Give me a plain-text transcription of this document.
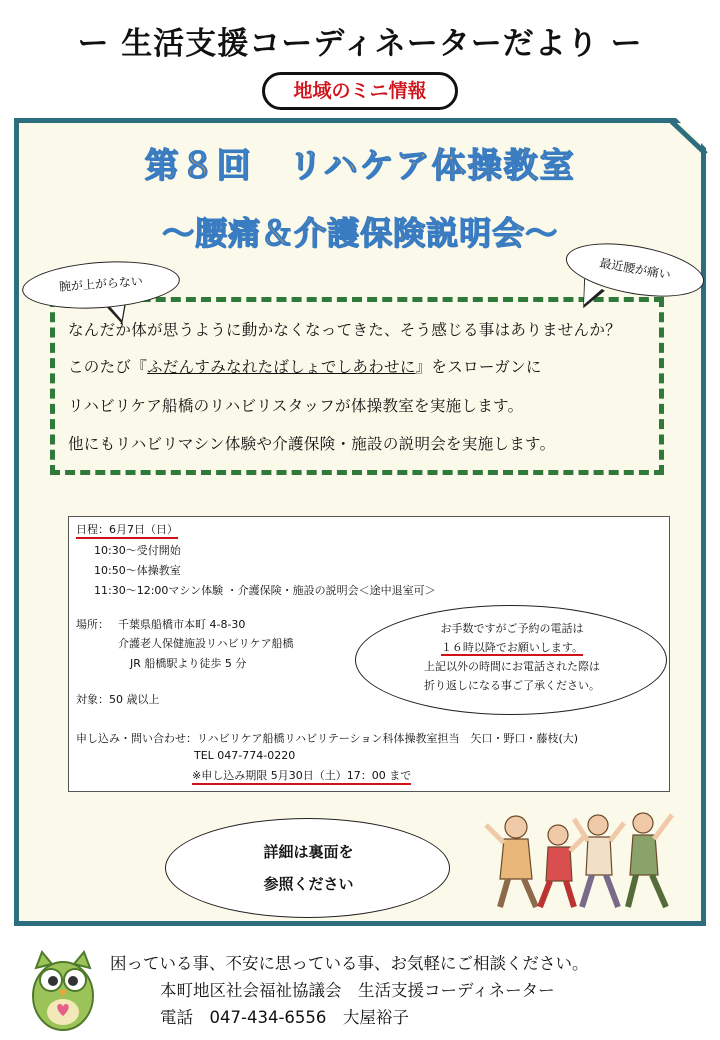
ー 生活支援コーディネーターだより ー
地域のミニ情報
第８回　リハケア体操教室
～腰痛＆介護保険説明会～
腕が上がらない
最近腰が痛い
なんだか体が思うように動かなくなってきた、そう感じる事はありませんか？
このたび『ふだんすみなれたばしょでしあわせに』をスローガンに
リハビリケア船橋のリハビリスタッフが体操教室を実施します。
他にもリハビリマシン体験や介護保険・施設の説明会を実施します。
日程：6月7日（日）
10:30～受付開始
10:50～体操教室
11:30～12:00マシン体験 ・介護保険・施設の説明会＜途中退室可＞
場所： 千葉県船橋市本町 4-8-30
介護老人保健施設リハビリケア船橋
JR 船橋駅より徒歩 5 分
対象：50 歳以上
申し込み・問い合わせ：リハビリケア船橋リハビリテーション科体操教室担当　矢口・野口・藤枝(大)
TEL 047-774-0220
※申し込み期限 5月30日（土）17：00 まで
お手数ですがご予約の電話は
１６時以降でお願いします。
上記以外の時間にお電話された際は
折り返しになる事ご了承ください。
詳細は裏面を
参照ください
困っている事、不安に思っている事、お気軽にご相談ください。
本町地区社会福祉協議会　生活支援コーディネーター
電話　047-434-6556　大屋裕子
